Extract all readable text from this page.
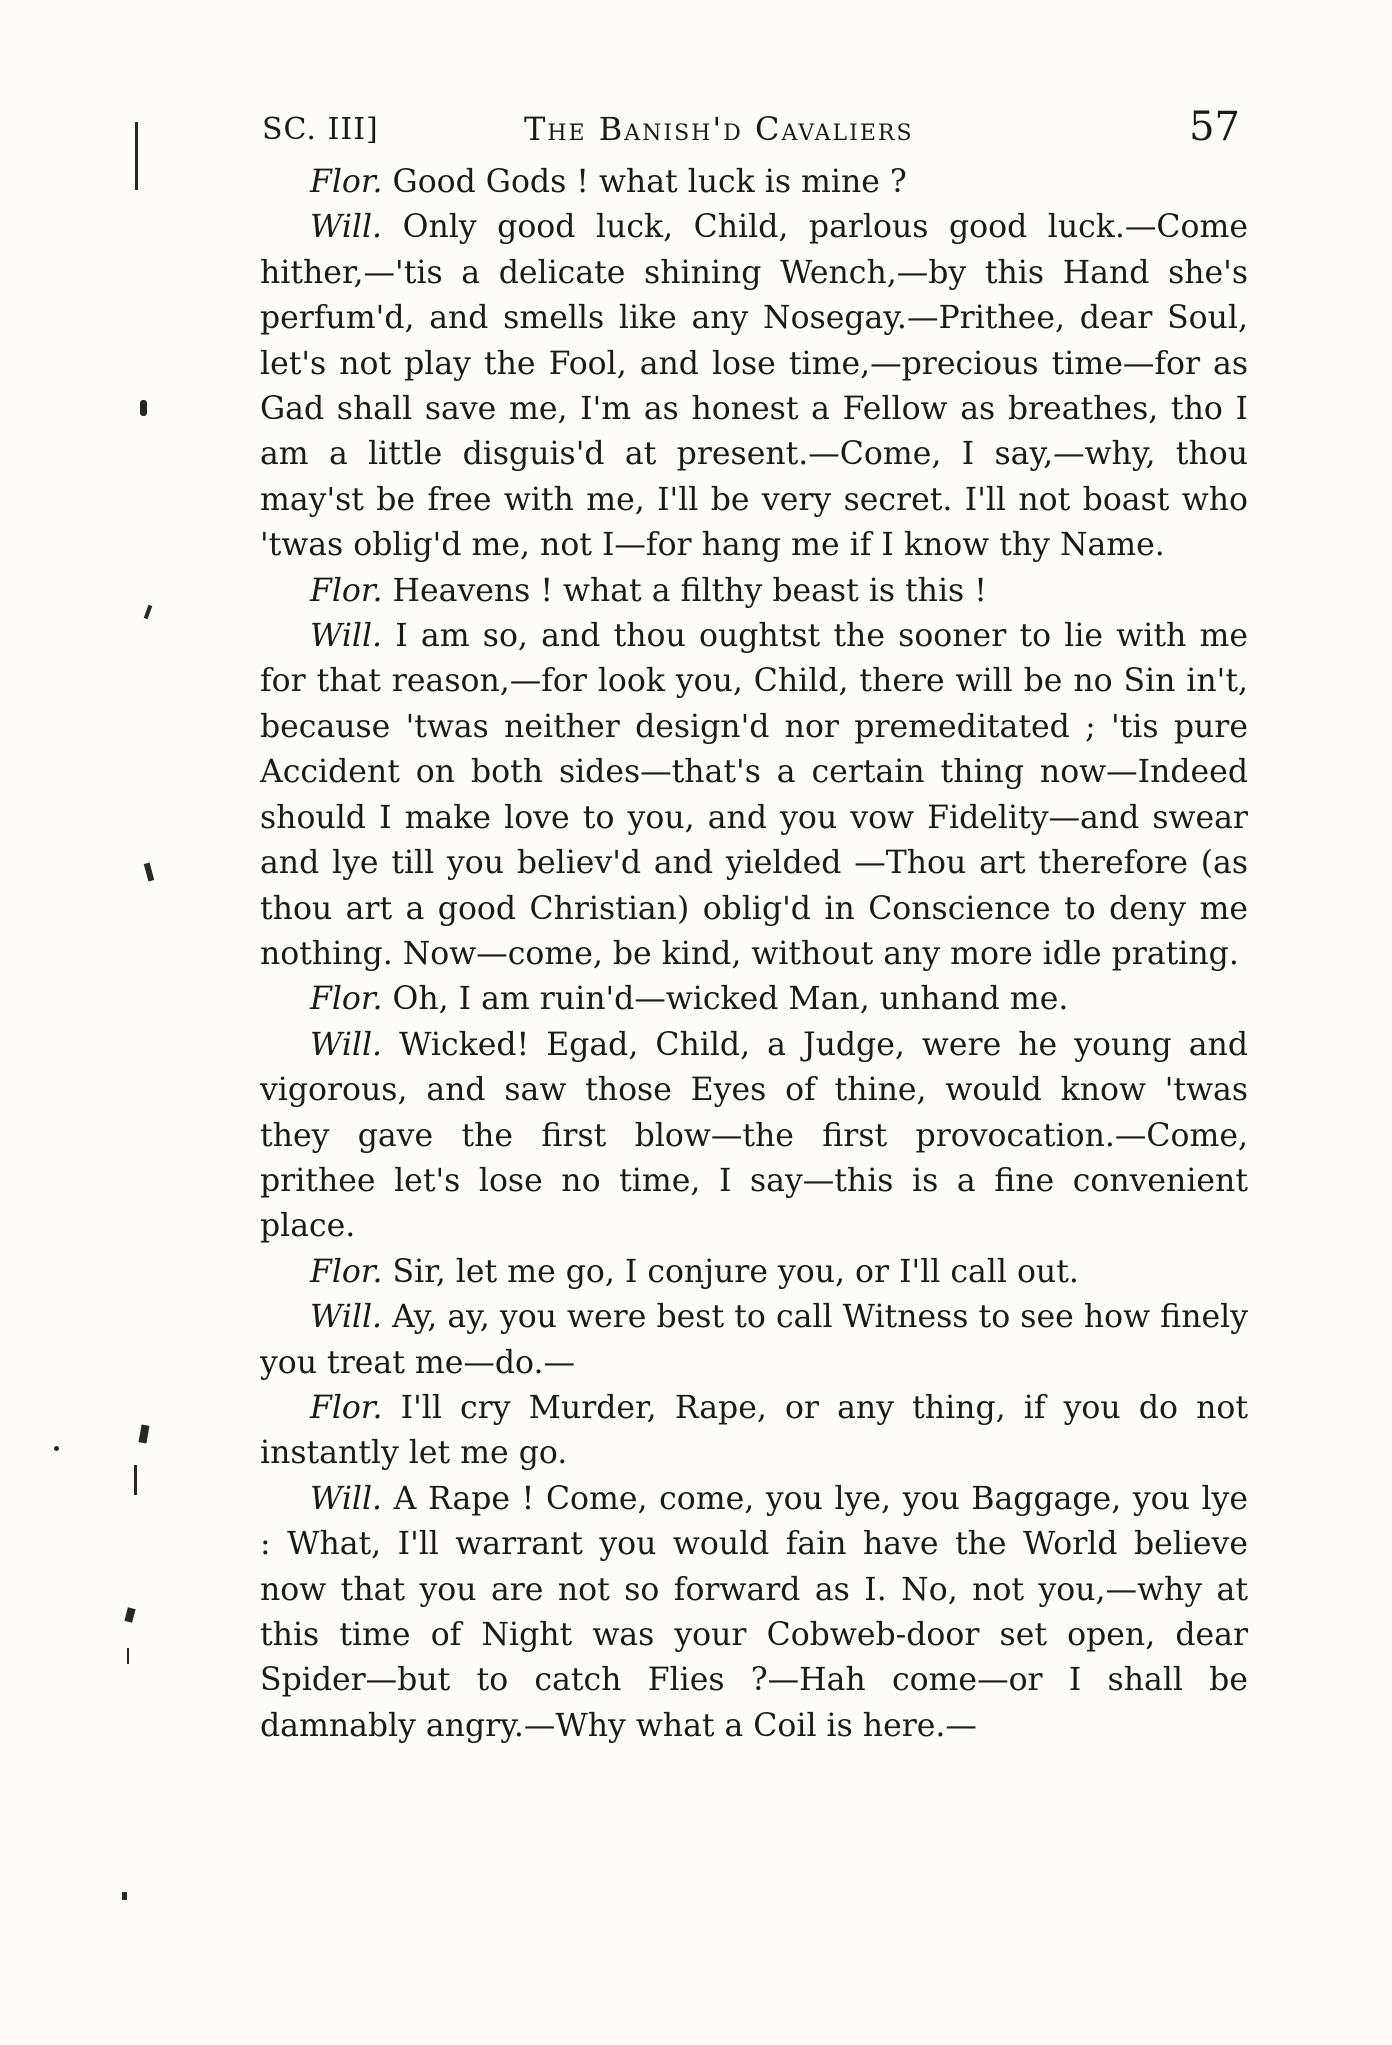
SC. III]	The Banish'd Cavaliers	57

Flor. Good Gods ! what luck is mine ?

Will. Only good luck, Child, parlous good luck.—Come hither,—'tis a delicate shining Wench,—by this Hand she's perfum'd, and smells like any Nosegay.—Prithee, dear Soul, let's not play the Fool, and lose time,—precious time—for as Gad shall save me, I'm as honest a Fellow as breathes, tho I am a little disguis'd at present.—Come, I say,—why, thou may'st be free with me, I'll be very secret. I'll not boast who 'twas oblig'd me, not I—for hang me if I know thy Name.

Flor. Heavens ! what a filthy beast is this !

Will. I am so, and thou oughtst the sooner to lie with me for that reason,—for look you, Child, there will be no Sin in't, because 'twas neither design'd nor premeditated ; 'tis pure Accident on both sides—that's a certain thing now—Indeed should I make love to you, and you vow Fidelity—and swear and lye till you believ'd and yielded —Thou art therefore (as thou art a good Christian) oblig'd in Conscience to deny me nothing. Now—come, be kind, without any more idle prating.

Flor. Oh, I am ruin'd—wicked Man, unhand me.

Will. Wicked! Egad, Child, a Judge, were he young and vigorous, and saw those Eyes of thine, would know 'twas they gave the first blow—the first provocation.—Come, prithee let's lose no time, I say—this is a fine convenient place.

Flor. Sir, let me go, I conjure you, or I'll call out.

Will. Ay, ay, you were best to call Witness to see how finely you treat me—do.—

Flor. I'll cry Murder, Rape, or any thing, if you do not instantly let me go.

Will. A Rape ! Come, come, you lye, you Baggage, you lye : What, I'll warrant you would fain have the World believe now that you are not so forward as I. No, not you,—why at this time of Night was your Cobweb-door set open, dear Spider—but to catch Flies ?—Hah come—or I shall be damnably angry.—Why what a Coil is here.—
